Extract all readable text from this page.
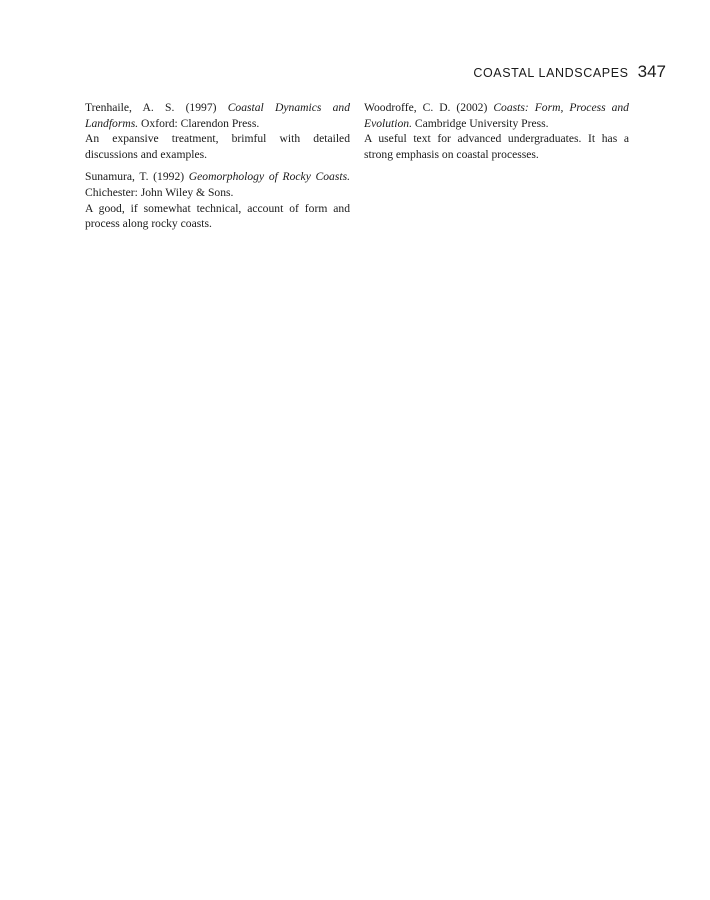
COASTAL LANDSCAPES 347

Trenhaile, A. S. (1997) Coastal Dynamics and Landforms. Oxford: Clarendon Press.

An expansive treatment, brimful with detailed discussions and examples.

Sunamura, T. (1992) Geomorphology of Rocky Coasts. Chichester: John Wiley & Sons.

A good, if somewhat technical, account of form and process along rocky coasts.

Woodroffe, C. D. (2002) Coasts: Form, Process and Evolution. Cambridge University Press.

A useful text for advanced undergraduates. It has a strong emphasis on coastal processes.
